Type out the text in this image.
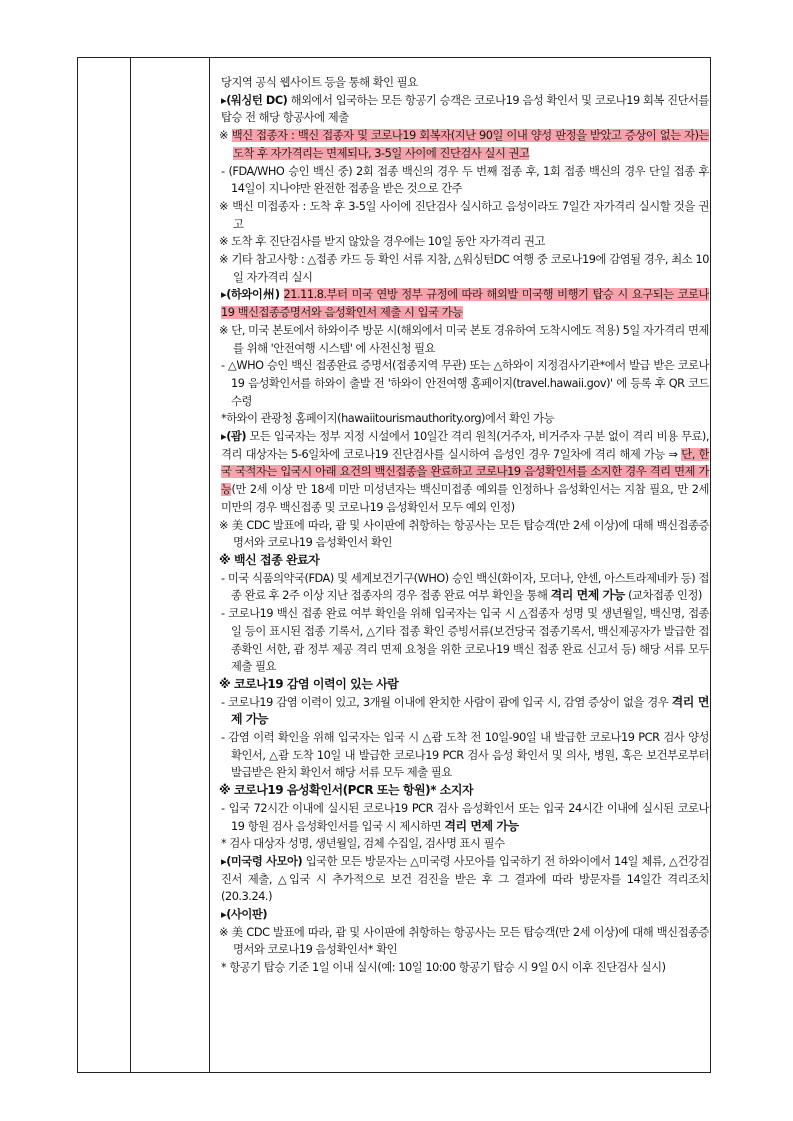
당지역 공식 웹사이트 등을 통해 확인 필요

▸(워싱턴 DC) 해외에서 입국하는 모든 항공기 승객은 코로나19 음성 확인서 및 코로나19 회복 진단서를 탑승 전 해당 항공사에 제출

※ 백신 접종자 : 백신 접종자 및 코로나19 회복자(지난 90일 이내 양성 판정을 받았고 증상이 없는 자)는 도착 후 자가격리는 면제되나, 3-5일 사이에 진단검사 실시 권고

- (FDA/WHO 승인 백신 중) 2회 접종 백신의 경우 두 번째 접종 후, 1회 접종 백신의 경우 단일 접종 후 14일이 지나야만 완전한 접종을 받은 것으로 간주

※ 백신 미접종자 : 도착 후 3-5일 사이에 진단검사 실시하고 음성이라도 7일간 자가격리 실시할 것을 권고

※ 도착 후 진단검사를 받지 않았을 경우에는 10일 동안 자가격리 권고

※ 기타 참고사항 : △접종 카드 등 확인 서류 지참, △워싱턴DC 여행 중 코로나19에 감염될 경우, 최소 10일 자가격리 실시

▸(하와이州) 21.11.8.부터 미국 연방 정부 규정에 따라 해외발 미국행 비행기 탑승 시 요구되는 코로나19 백신접종증명서와 음성확인서 제출 시 입국 가능

※ 단, 미국 본토에서 하와이주 방문 시(해외에서 미국 본토 경유하여 도착시에도 적용) 5일 자가격리 면제를 위해 '안전여행 시스템' 에 사전신청 필요

- △WHO 승인 백신 접종완료 증명서(접종지역 무관) 또는 △하와이 지정검사기관*에서 발급 받은 코로나19 음성확인서를 하와이 출발 전 '하와이 안전여행 홈페이지(travel.hawaii.gov)' 에 등록 후 QR 코드 수령

*하와이 관광청 홈페이지(hawaiitourismauthority.org)에서 확인 가능

▸(괌) 모든 입국자는 정부 지정 시설에서 10일간 격리 원칙(거주자, 비거주자 구분 없이 격리 비용 무료), 격리 대상자는 5-6일차에 코로나19 진단검사를 실시하여 음성인 경우 7일차에 격리 해제 가능 ⇒ 단, 한국 국적자는 입국시 아래 요건의 백신접종을 완료하고 코로나19 음성확인서를 소지한 경우 격리 면제 가능(만 2세 이상 만 18세 미만 미성년자는 백신미접종 예외를 인정하나 음성확인서는 지참 필요, 만 2세 미만의 경우 백신접종 및 코로나19 음성확인서 모두 예외 인정)

※ 美 CDC 발표에 따라, 괌 및 사이판에 취항하는 항공사는 모든 탑승객(만 2세 이상)에 대해 백신접종증명서와 코로나19 음성확인서 확인

※ 백신 접종 완료자

- 미국 식품의약국(FDA) 및 세계보건기구(WHO) 승인 백신(화이자, 모더나, 얀센, 아스트라제네카 등) 접종 완료 후 2주 이상 지난 접종자의 경우 접종 완료 여부 확인을 통해 격리 면제 가능 (교차접종 인정)

- 코로나19 백신 접종 완료 여부 확인을 위해 입국자는 입국 시 △접종자 성명 및 생년월일, 백신명, 접종일 등이 표시된 접종 기록서, △기타 접종 확인 증빙서류(보건당국 접종기록서, 백신제공자가 발급한 접종확인 서한, 괌 정부 제공 격리 면제 요청을 위한 코로나19 백신 접종 완료 신고서 등) 해당 서류 모두 제출 필요

※ 코로나19 감염 이력이 있는 사람

- 코로나19 감염 이력이 있고, 3개월 이내에 완치한 사람이 괌에 입국 시, 감염 증상이 없을 경우 격리 면제 가능

- 감염 이력 확인을 위해 입국자는 입국 시 △괌 도착 전 10일-90일 내 발급한 코로나19 PCR 검사 양성 확인서, △괌 도착 10일 내 발급한 코로나19 PCR 검사 음성 확인서 및 의사, 병원, 혹은 보건부로부터 발급받은 완치 확인서 해당 서류 모두 제출 필요

※ 코로나19 음성확인서(PCR 또는 항원)* 소지자

- 입국 72시간 이내에 실시된 코로나19 PCR 검사 음성확인서 또는 입국 24시간 이내에 실시된 코로나19 항원 검사 음성확인서를 입국 시 제시하면 격리 면제 가능

* 검사 대상자 성명, 생년월일, 검체 수집일, 검사명 표시 필수

▸(미국령 사모아) 입국한 모든 방문자는 △미국령 사모아를 입국하기 전 하와이에서 14일 체류, △건강검진서 제출, △입국 시 추가적으로 보건 검진을 받은 후 그 결과에 따라 방문자를 14일간 격리조치(20.3.24.)

▸(사이판)

※ 美 CDC 발표에 따라, 괌 및 사이판에 취항하는 항공사는 모든 탑승객(만 2세 이상)에 대해 백신접종증명서와 코로나19 음성확인서* 확인

* 항공기 탑승 기준 1일 이내 실시(예: 10일 10:00 항공기 탑승 시 9일 0시 이후 진단검사 실시)
